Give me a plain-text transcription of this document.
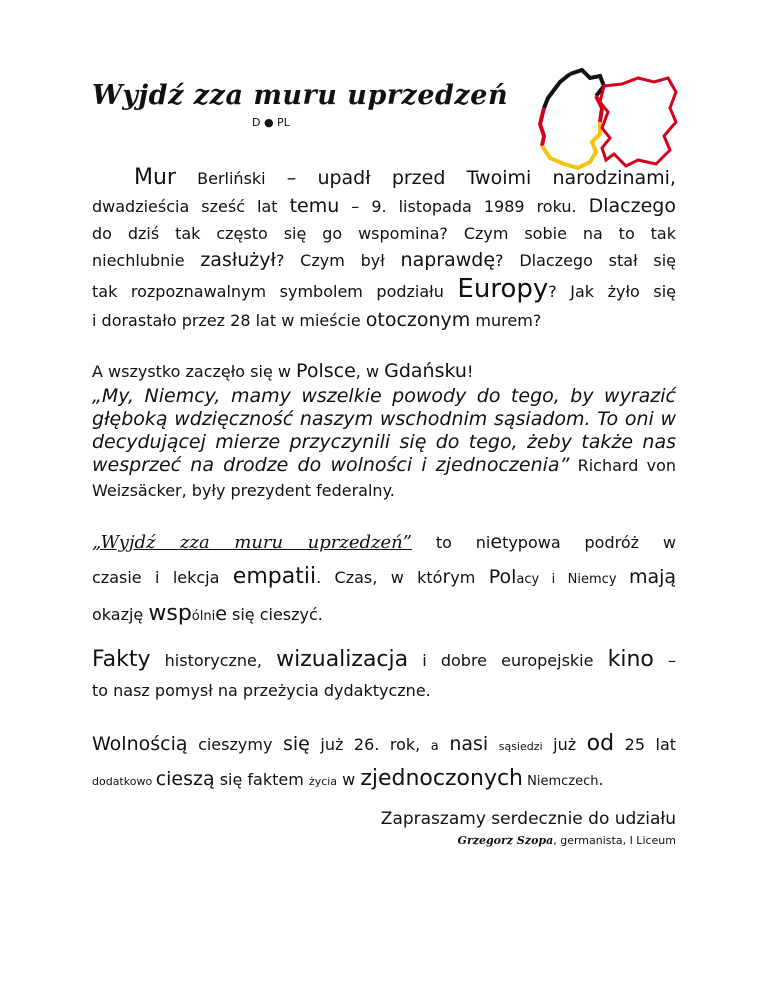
Wyjdź zza muru uprzedzeń
D ● PL
Mur Berliński – upadł przed Twoimi narodzinami,
dwadzieścia sześć lat temu – 9. listopada 1989 roku. Dlaczego
do dziś tak często się go wspomina? Czym sobie na to tak
niechlubnie zasłużył? Czym był naprawdę? Dlaczego stał się
tak rozpoznawalnym symbolem podziału Europy? Jak żyło się
i dorastało przez 28 lat w mieście otoczonym murem?
A wszystko zaczęło się w Polsce, w Gdańsku!
„My, Niemcy, mamy wszelkie powody do tego, by wyrazić
głęboką wdzięczność naszym wschodnim sąsiadom. To oni w
decydującej mierze przyczynili się do tego, żeby także nas
wesprzeć na drodze do wolności i zjednoczenia” Richard von
Weizsäcker, były prezydent federalny.
„Wyjdź zza muru uprzedzeń” to nietypowa podróż w
czasie i lekcja empatii. Czas, w którym Polacy i Niemcy mają
okazję wspólnie się cieszyć.
Fakty historyczne, wizualizacja i dobre europejskie kino –
to nasz pomysł na przeżycia dydaktyczne.
Wolnością cieszymy się już 26. rok, a nasi sąsiedzi już od 25 lat
dodatkowo cieszą się faktem życia w zjednoczonych Niemczech.
Zapraszamy serdecznie do udziału
Grzegorz Szopa, germanista, I Liceum
